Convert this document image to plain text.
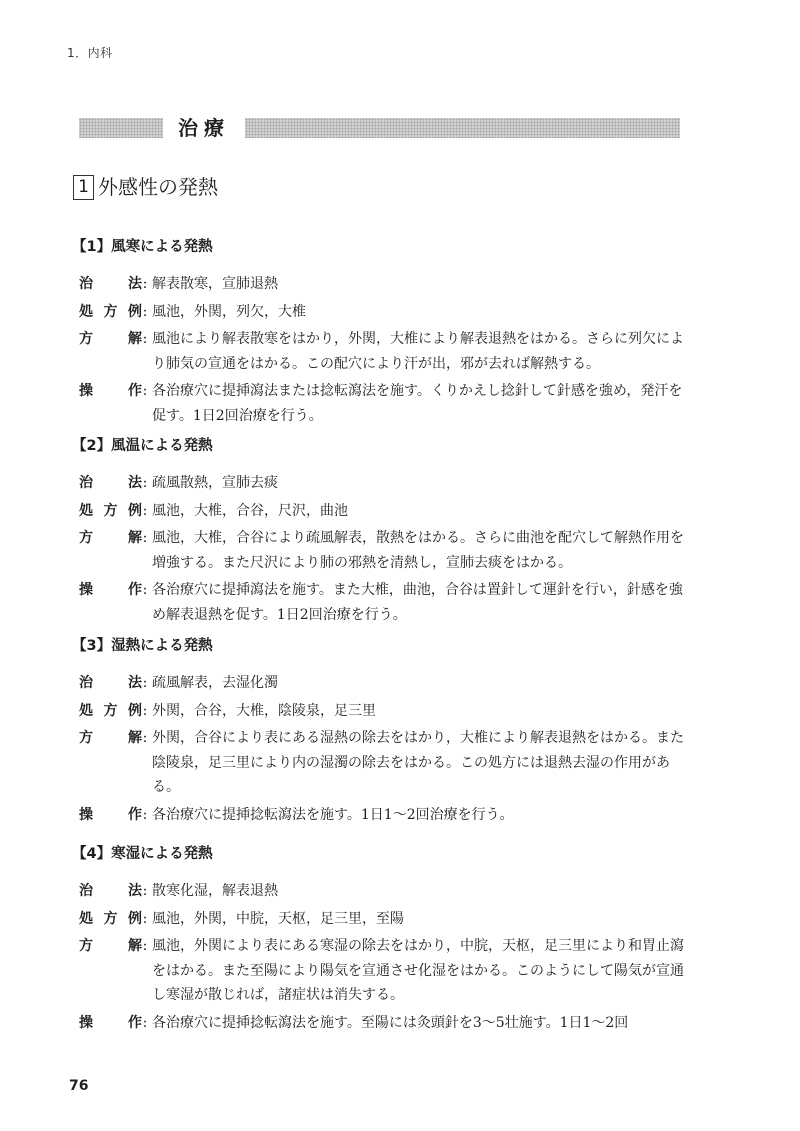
1．内科
治療
1 外感性の発熱
【1】風寒による発熱
治	法 : 解表散寒，宣肺退熱
処 方 例 : 風池，外関，列欠，大椎
方	解 : 風池により解表散寒をはかり，外関，大椎により解表退熱をはかる。さらに列欠により肺気の宣通をはかる。この配穴により汗が出，邪が去れば解熱する。
操	作 : 各治療穴に提挿瀉法または捻転瀉法を施す。くりかえし捻針して針感を強め，発汗を促す。1日2回治療を行う。
【2】風温による発熱
治	法 : 疏風散熱，宣肺去痰
処 方 例 : 風池，大椎，合谷，尺沢，曲池
方	解 : 風池，大椎，合谷により疏風解表，散熱をはかる。さらに曲池を配穴して解熱作用を増強する。また尺沢により肺の邪熱を清熱し，宣肺去痰をはかる。
操	作 : 各治療穴に提挿瀉法を施す。また大椎，曲池，合谷は置針して運針を行い，針感を強め解表退熱を促す。1日2回治療を行う。
【3】湿熱による発熱
治	法 : 疏風解表，去湿化濁
処 方 例 : 外関，合谷，大椎，陰陵泉，足三里
方	解 : 外関，合谷により表にある湿熱の除去をはかり，大椎により解表退熱をはかる。また陰陵泉，足三里により内の湿濁の除去をはかる。この処方には退熱去湿の作用がある。
操	作 : 各治療穴に提挿捻転瀉法を施す。1日1～2回治療を行う。
【4】寒湿による発熱
治	法 : 散寒化湿，解表退熱
処 方 例 : 風池，外関，中脘，天枢，足三里，至陽
方	解 : 風池，外関により表にある寒湿の除去をはかり，中脘，天枢，足三里により和胃止瀉をはかる。また至陽により陽気を宣通させ化湿をはかる。このようにして陽気が宣通し寒湿が散じれば，諸症状は消失する。
操	作 : 各治療穴に提挿捻転瀉法を施す。至陽には灸頭針を3～5壮施す。1日1～2回
76
